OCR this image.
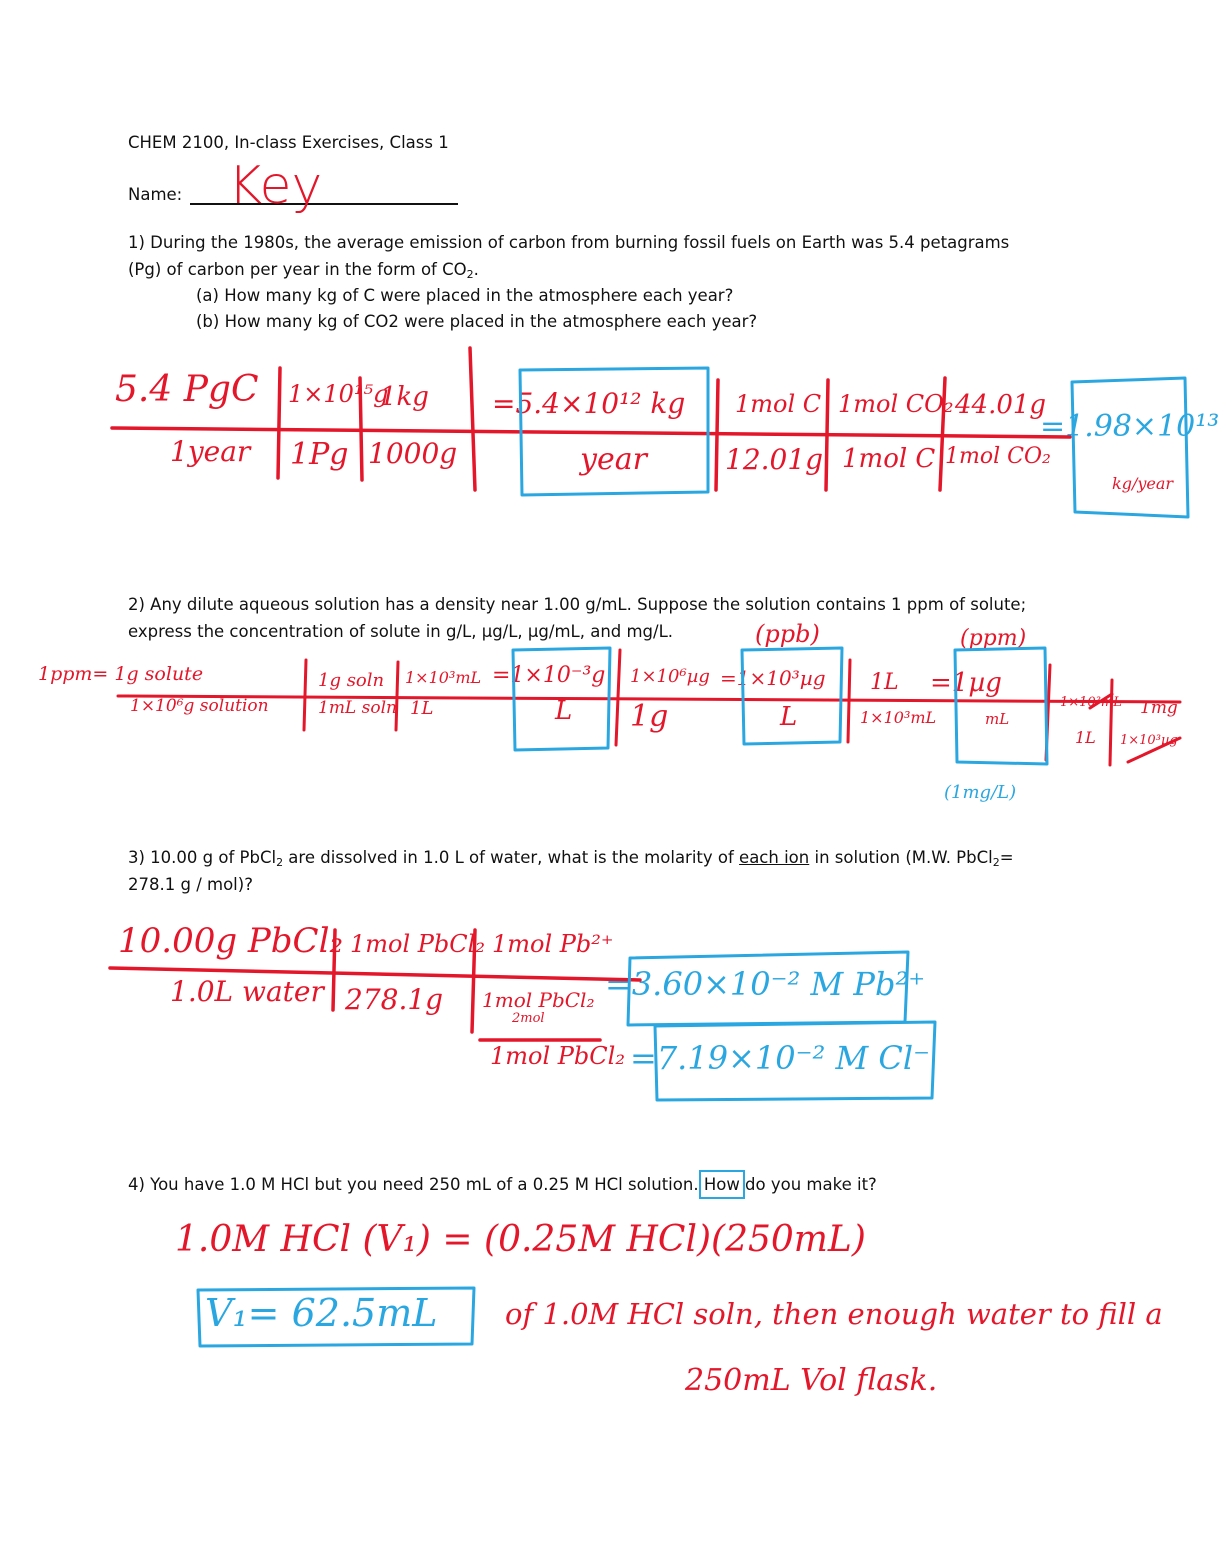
CHEM 2100, In-class Exercises, Class 1
Name: Key
1) During the 1980s, the average emission of carbon from burning fossil fuels on Earth was 5.4 petagrams
(Pg) of carbon per year in the form of $CO_2$.
(a) How many kg of C were placed in the atmosphere each year?
(b) How many kg of CO2 were placed in the atmosphere each year?
5.4 PgC
1year
1×10¹⁵g
1Pg
1kg
1000g
=5.4×10¹² kg
year
1mol C
12.01g
1mol CO₂
1mol C
44.01g
1mol CO₂
=1.98×10¹³
kg/year
2) Any dilute aqueous solution has a density near 1.00 g/mL. Suppose the solution contains 1 ppm of solute;
express the concentration of solute in g/L, µg/L, µg/mL, and mg/L.
1ppm= 1g solute
1×10⁶g solution
1g soln
1mL soln
1×10³mL
1L
=1×10⁻³g
L
1×10⁶µg
1g
=1×10³µg
L
(ppb)
1L
1×10³mL
=1µg
mL
(ppm)
1×10³mL
1L
1mg
1×10³µg
(1mg/L)
3) 10.00 g of PbCl$_2$ are dissolved in 1.0 L of water, what is the molarity of each ion in solution (M.W. PbCl$_2$=
278.1 g / mol)?
10.00g PbCl₂
1.0L water
1mol PbCl₂
278.1g
1mol Pb²⁺
1mol PbCl₂ =3.60×10⁻² M Pb²⁺
2mol
1mol PbCl₂ =7.19×10⁻² M Cl⁻
4) You have 1.0 M HCl but you need 250 mL of a 0.25 M HCl solution. How do you make it?
1.0M HCl (V₁) = (0.25M HCl)(250mL)
V₁= 62.5mL of 1.0M HCl soln, then enough water to fill a
250mL Vol flask.
